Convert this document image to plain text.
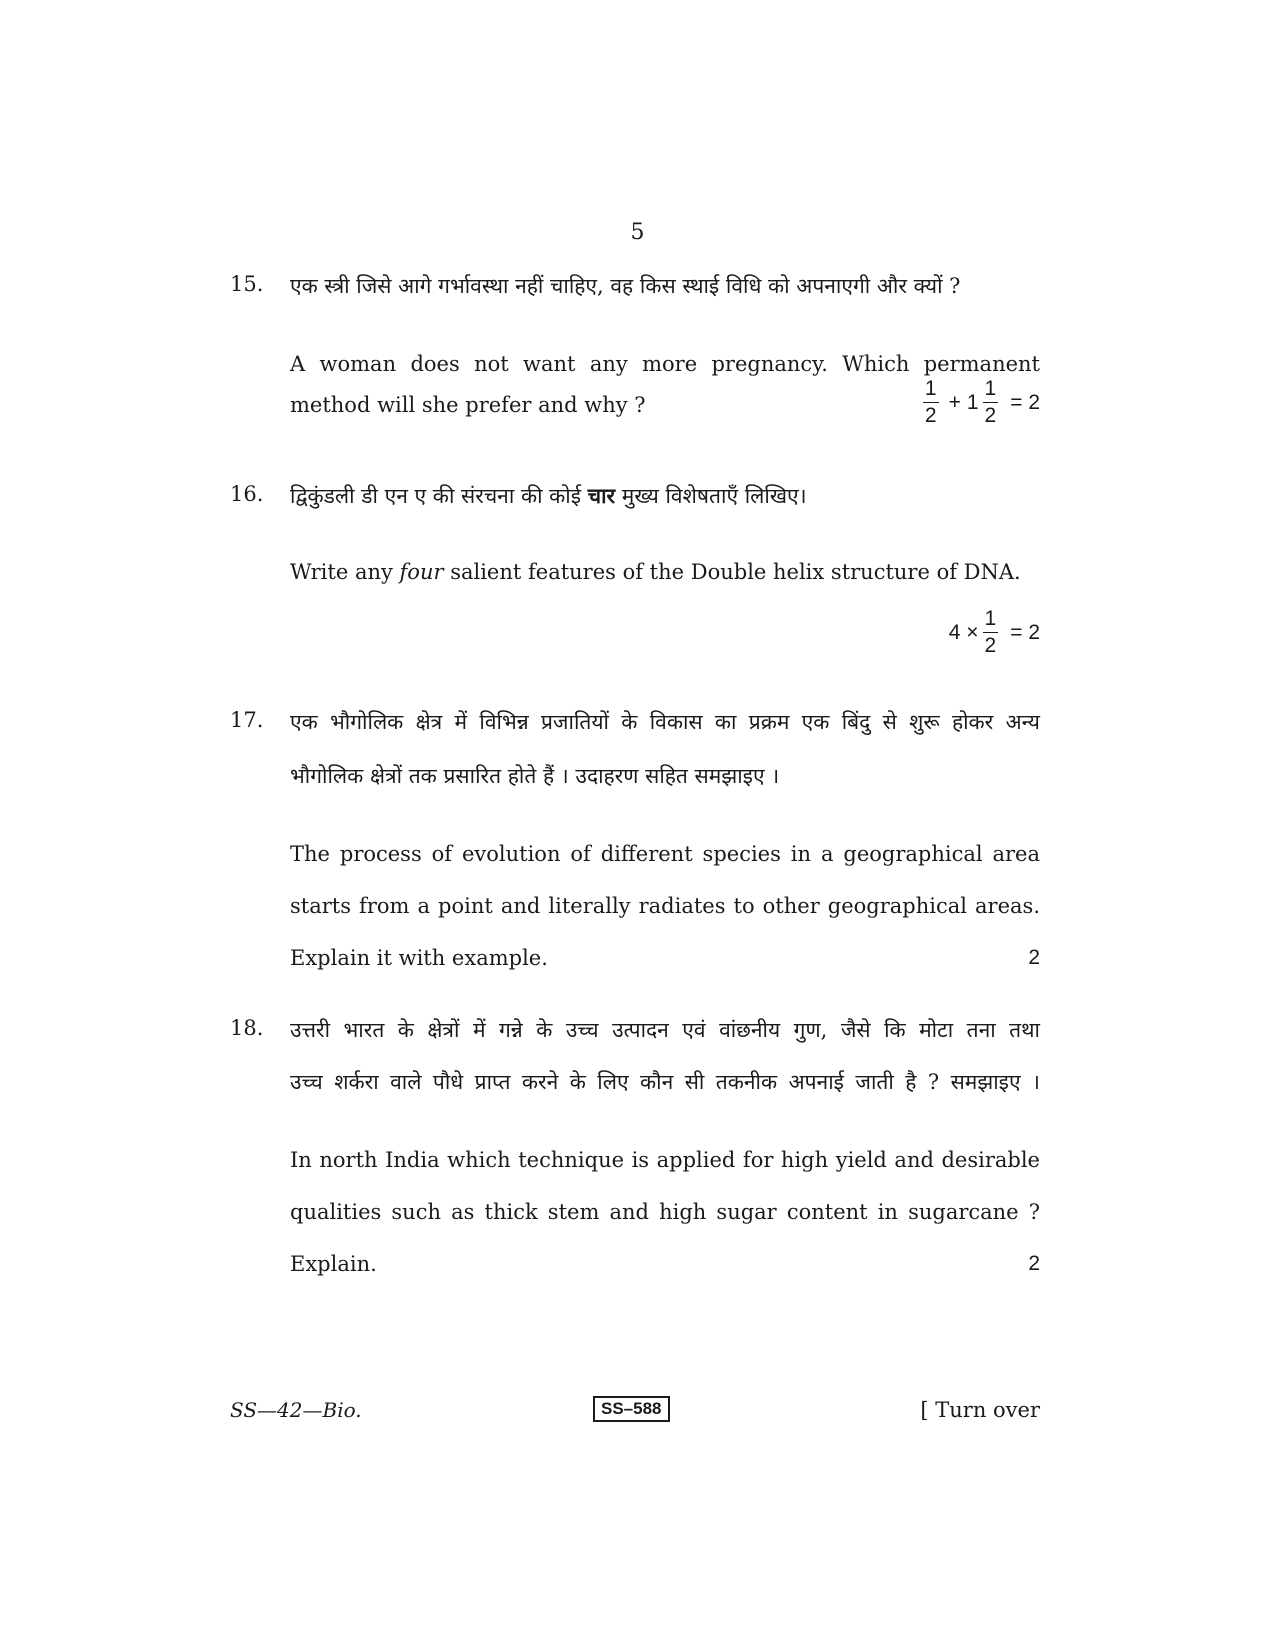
5
15. एक स्त्री जिसे आगे गर्भावस्था नहीं चाहिए, वह किस स्थाई विधि को अपनाएगी और क्यों ?
A woman does not want any more pregnancy. Which permanent
method will she prefer and why ?	$\frac{1}{2} + 1 \frac{1}{2} = 2$
16. द्विकुंडली डी एन ए की संरचना की कोई चार मुख्य विशेषताएँ लिखिए।
Write any four salient features of the Double helix structure of DNA.
$4 \times \frac{1}{2} = 2$
17. एक भौगोलिक क्षेत्र में विभिन्न प्रजातियों के विकास का प्रक्रम एक बिंदु से शुरू होकर अन्य
भौगोलिक क्षेत्रों तक प्रसारित होते हैं । उदाहरण सहित समझाइए ।
The process of evolution of different species in a geographical area
starts from a point and literally radiates to other geographical areas.
Explain it with example.	2
18. उत्तरी भारत के क्षेत्रों में गन्ने के उच्च उत्पादन एवं वांछनीय गुण, जैसे कि मोटा तना तथा
उच्च शर्करा वाले पौधे प्राप्त करने के लिए कौन सी तकनीक अपनाई जाती है ? समझाइए ।
In north India which technique is applied for high yield and desirable
qualities such as thick stem and high sugar content in sugarcane ?
Explain.	2
SS—42—Bio.	SS–588	[ Turn over
